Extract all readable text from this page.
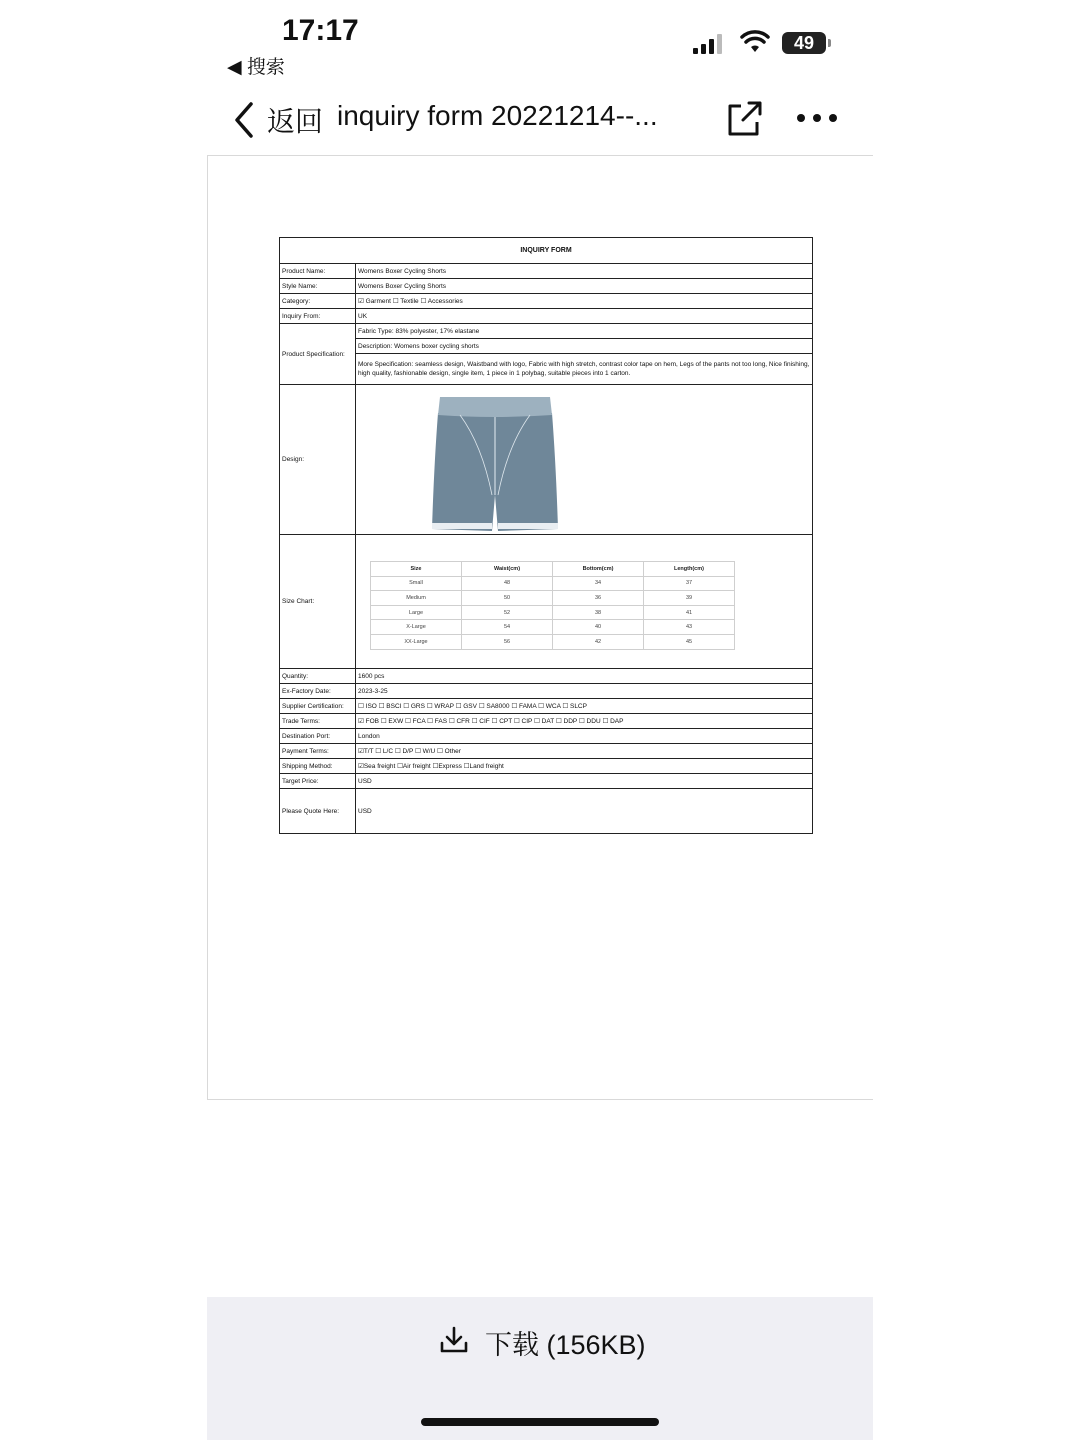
17:17
◀ 搜索
49
返回 inquiry form 20221214--...
INQUIRY FORM
Product Name:	Womens Boxer Cycling Shorts
Style Name:	Womens Boxer Cycling Shorts
Category:	☑ Garment ☐ Textile ☐ Accessories
Inquiry From:	UK
Product Specification:
Fabric Type: 83% polyester, 17% elastane
Description: Womens boxer cycling shorts
More Specification: seamless design, Waistband with logo, Fabric with high stretch, contrast color tape on hem, Legs of the pants not too long, Nice finishing, high quality, fashionable design, single item, 1 piece in 1 polybag, suitable pieces into 1 carton.
Design:
Size Chart:
Size	Waist(cm)	Bottom(cm)	Length(cm)
Small	48	34	37
Medium	50	36	39
Large	52	38	41
X-Large	54	40	43
XX-Large	56	42	45
Quantity:	1600 pcs
Ex-Factory Date:	2023-3-25
Supplier Certification:	☐ ISO ☐ BSCI ☐ GRS ☐ WRAP ☐ GSV ☐ SA8000 ☐ FAMA ☐ WCA ☐ SLCP
Trade Terms:	☑ FOB ☐ EXW ☐ FCA ☐ FAS ☐ CFR ☐ CIF ☐ CPT ☐ CIP ☐ DAT ☐ DDP ☐ DDU ☐ DAP
Destination Port:	London
Payment Terms:	☑T/T ☐ L/C ☐ D/P ☐ W/U ☐ Other
Shipping Method:	☑Sea freight ☐Air freight ☐Express ☐Land freight
Target Price:	USD
Please Quote Here:	USD
下载 (156KB)
